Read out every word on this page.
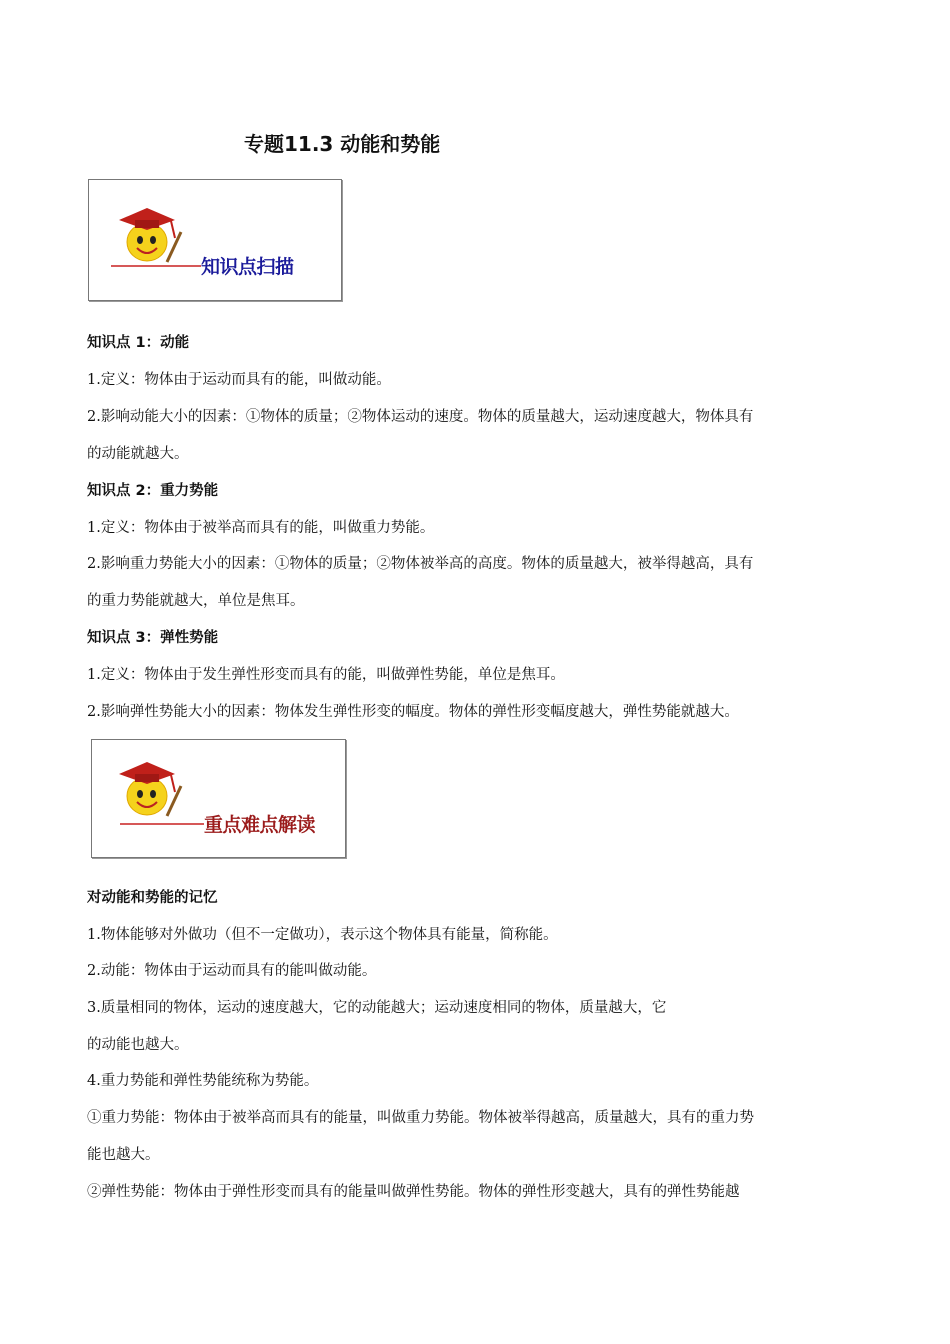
专题11.3 动能和势能
知识点扫描
知识点 1：动能
1.定义：物体由于运动而具有的能，叫做动能。
2.影响动能大小的因素：①物体的质量；②物体运动的速度。物体的质量越大，运动速度越大，物体具有
的动能就越大。
知识点 2：重力势能
1.定义：物体由于被举高而具有的能，叫做重力势能。
2.影响重力势能大小的因素：①物体的质量；②物体被举高的高度。物体的质量越大，被举得越高，具有
的重力势能就越大，单位是焦耳。
知识点 3：弹性势能
1.定义：物体由于发生弹性形变而具有的能，叫做弹性势能，单位是焦耳。
2.影响弹性势能大小的因素：物体发生弹性形变的幅度。物体的弹性形变幅度越大，弹性势能就越大。
重点难点解读
对动能和势能的记忆
1.物体能够对外做功（但不一定做功），表示这个物体具有能量，简称能。
2.动能：物体由于运动而具有的能叫做动能。
3.质量相同的物体，运动的速度越大，它的动能越大；运动速度相同的物体，质量越大，它
的动能也越大。
4.重力势能和弹性势能统称为势能。
①重力势能：物体由于被举高而具有的能量，叫做重力势能。物体被举得越高，质量越大，具有的重力势
能也越大。
②弹性势能：物体由于弹性形变而具有的能量叫做弹性势能。物体的弹性形变越大，具有的弹性势能越
